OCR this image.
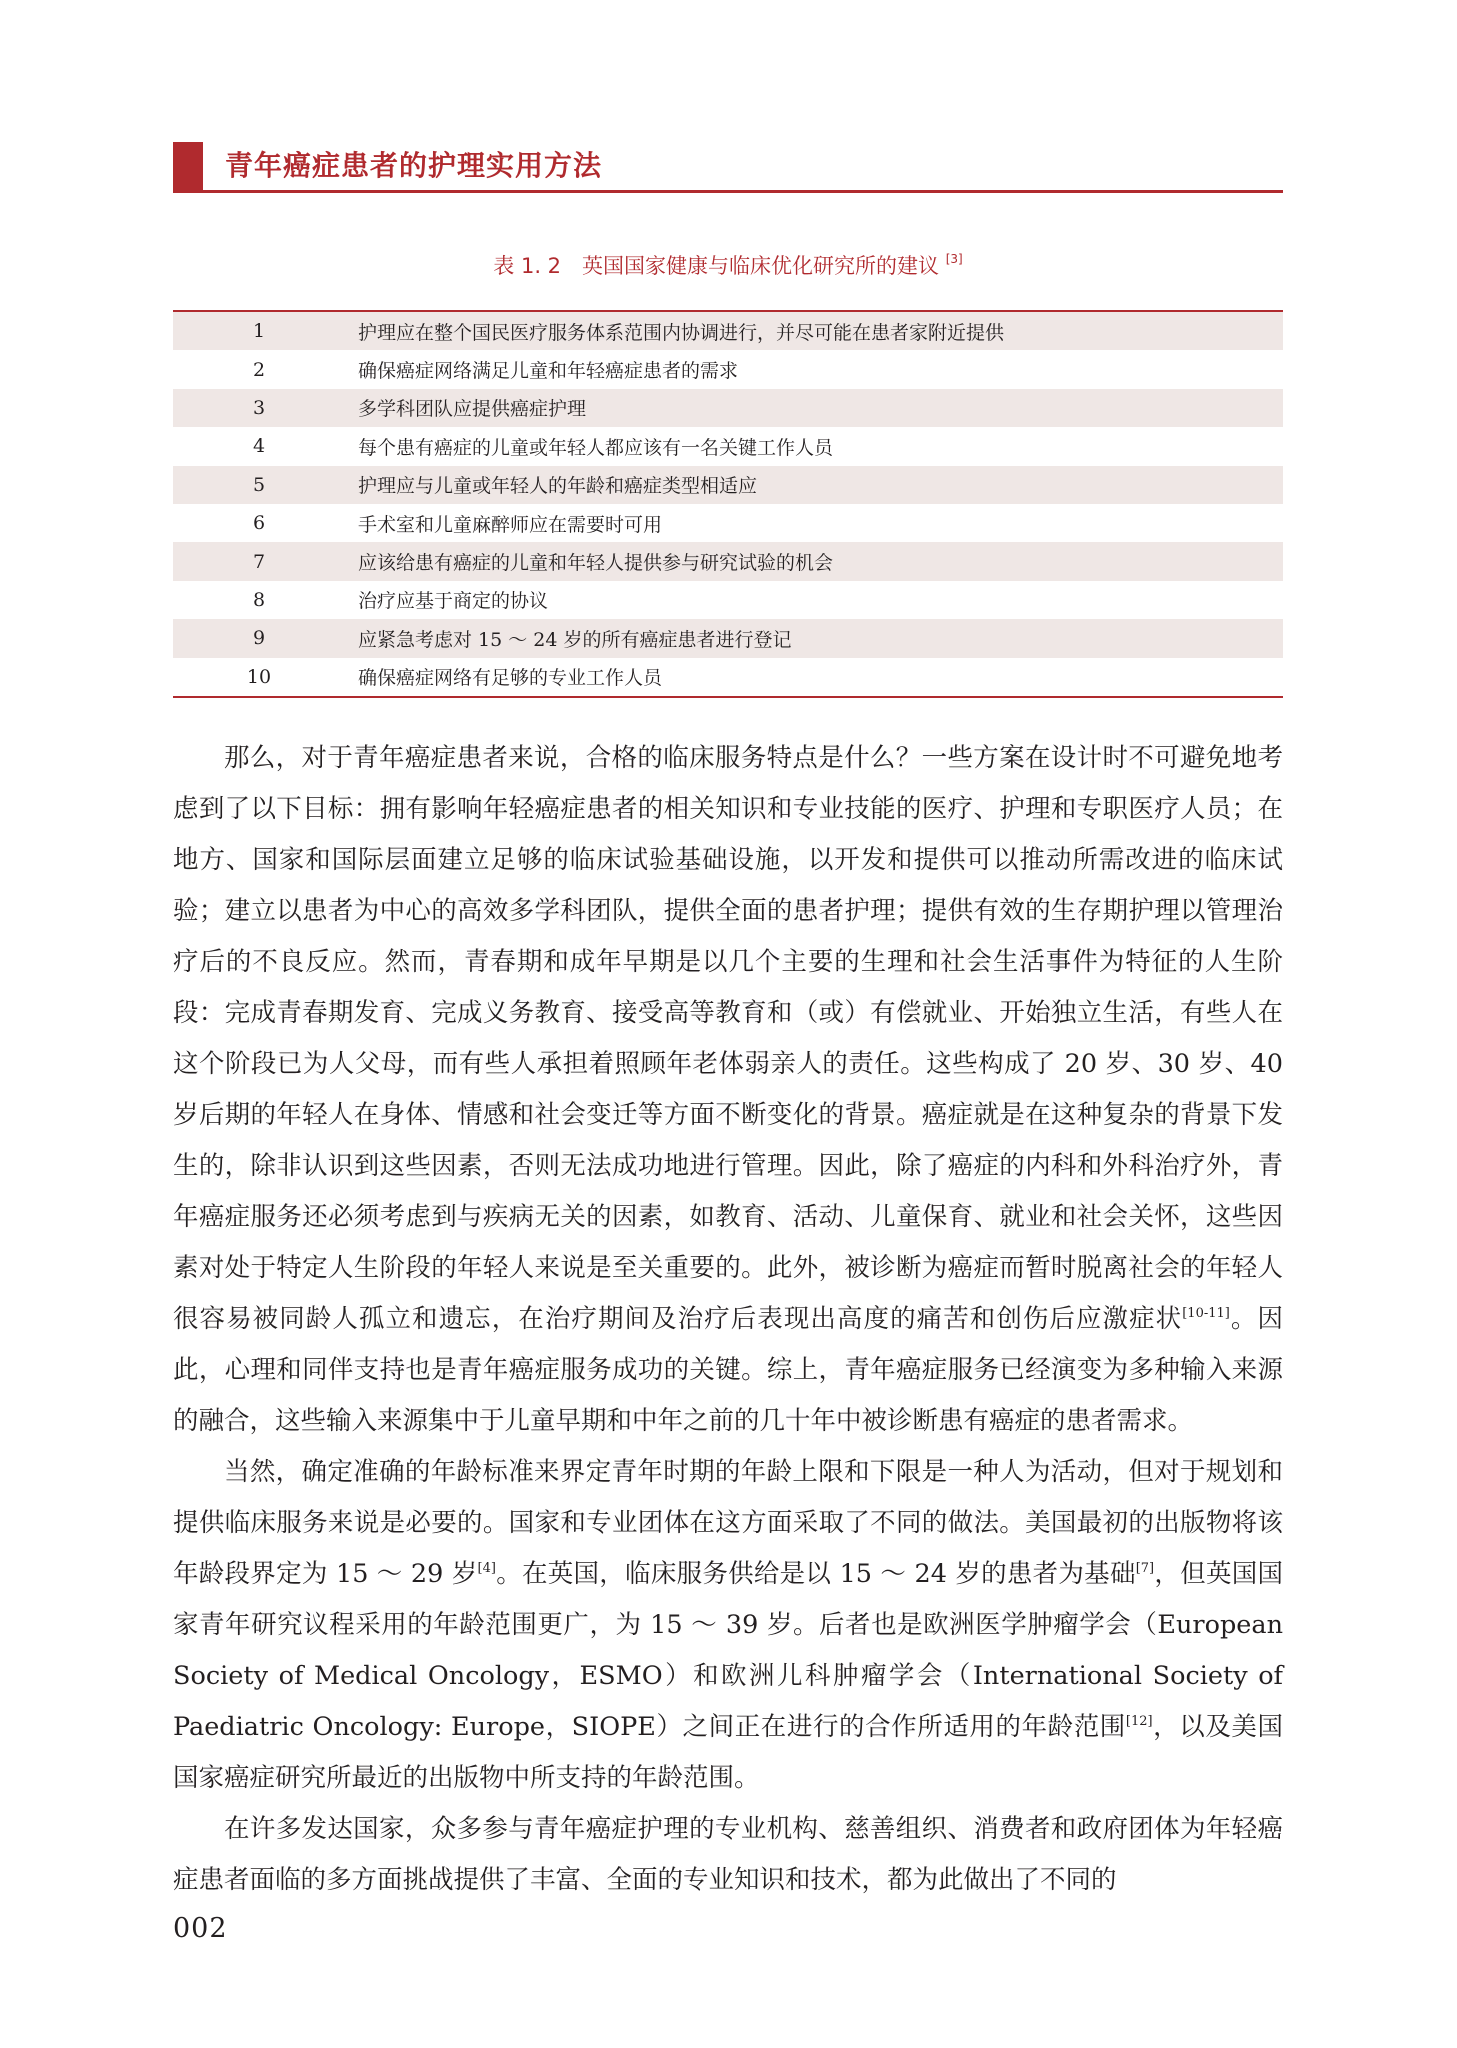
青年癌症患者的护理实用方法
表 1. 2　英国国家健康与临床优化研究所的建议 [3]
1	护理应在整个国民医疗服务体系范围内协调进行，并尽可能在患者家附近提供
2	确保癌症网络满足儿童和年轻癌症患者的需求
3	多学科团队应提供癌症护理
4	每个患有癌症的儿童或年轻人都应该有一名关键工作人员
5	护理应与儿童或年轻人的年龄和癌症类型相适应
6	手术室和儿童麻醉师应在需要时可用
7	应该给患有癌症的儿童和年轻人提供参与研究试验的机会
8	治疗应基于商定的协议
9	应紧急考虑对 15 ～ 24 岁的所有癌症患者进行登记
10	确保癌症网络有足够的专业工作人员

那么，对于青年癌症患者来说，合格的临床服务特点是什么？一些方案在设计时不可避免地考虑到了以下目标：拥有影响年轻癌症患者的相关知识和专业技能的医疗、护理和专职医疗人员；在地方、国家和国际层面建立足够的临床试验基础设施，以开发和提供可以推动所需改进的临床试验；建立以患者为中心的高效多学科团队，提供全面的患者护理；提供有效的生存期护理以管理治疗后的不良反应。然而，青春期和成年早期是以几个主要的生理和社会生活事件为特征的人生阶段：完成青春期发育、完成义务教育、接受高等教育和（或）有偿就业、开始独立生活，有些人在这个阶段已为人父母，而有些人承担着照顾年老体弱亲人的责任。这些构成了 20 岁、30 岁、40 岁后期的年轻人在身体、情感和社会变迁等方面不断变化的背景。癌症就是在这种复杂的背景下发生的，除非认识到这些因素，否则无法成功地进行管理。因此，除了癌症的内科和外科治疗外，青年癌症服务还必须考虑到与疾病无关的因素，如教育、活动、儿童保育、就业和社会关怀，这些因素对处于特定人生阶段的年轻人来说是至关重要的。此外，被诊断为癌症而暂时脱离社会的年轻人很容易被同龄人孤立和遗忘，在治疗期间及治疗后表现出高度的痛苦和创伤后应激症状[10-11]。因此，心理和同伴支持也是青年癌症服务成功的关键。综上，青年癌症服务已经演变为多种输入来源的融合，这些输入来源集中于儿童早期和中年之前的几十年中被诊断患有癌症的患者需求。

当然，确定准确的年龄标准来界定青年时期的年龄上限和下限是一种人为活动，但对于规划和提供临床服务来说是必要的。国家和专业团体在这方面采取了不同的做法。美国最初的出版物将该年龄段界定为 15 ～ 29 岁[4]。在英国，临床服务供给是以 15 ～ 24 岁的患者为基础[7]，但英国国家青年研究议程采用的年龄范围更广，为 15 ～ 39 岁。后者也是欧洲医学肿瘤学会（European Society of Medical Oncology，ESMO）和欧洲儿科肿瘤学会（International Society of Paediatric Oncology: Europe，SIOPE）之间正在进行的合作所适用的年龄范围[12]，以及美国国家癌症研究所最近的出版物中所支持的年龄范围。

在许多发达国家，众多参与青年癌症护理的专业机构、慈善组织、消费者和政府团体为年轻癌症患者面临的多方面挑战提供了丰富、全面的专业知识和技术，都为此做出了不同的

002
